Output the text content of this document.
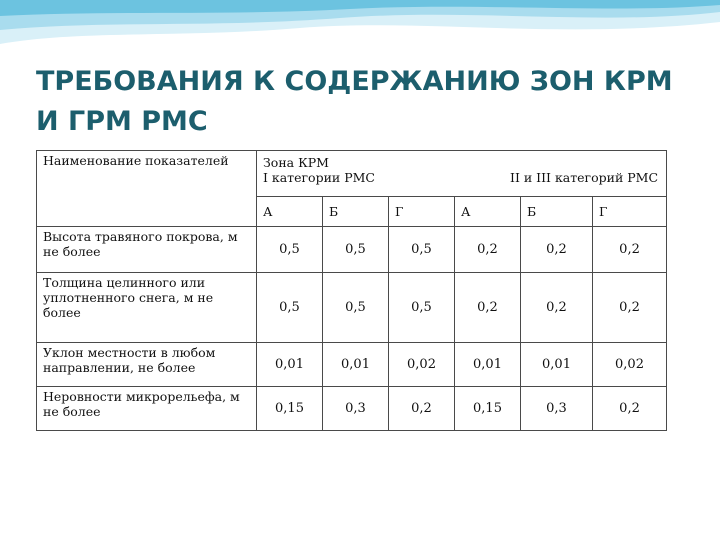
ТРЕБОВАНИЯ К СОДЕРЖАНИЮ ЗОН КРМ И ГРМ РМС
Наименование показателей	Зона КРМ
I категории РМС II и III категорий РМС					

	А	Б	Г	А	Б	Г
Высота травяного покрова, м не более	0,5	0,5	0,5	0,2	0,2	0,2
Толщина целинного или уплотненного снега, м не более	0,5	0,5	0,5	0,2	0,2	0,2
Уклон местности в любом направлении, не более	0,01	0,01	0,02	0,01	0,01	0,02
Неровности микрорельефа, м не более	0,15	0,3	0,2	0,15	0,3	0,2
